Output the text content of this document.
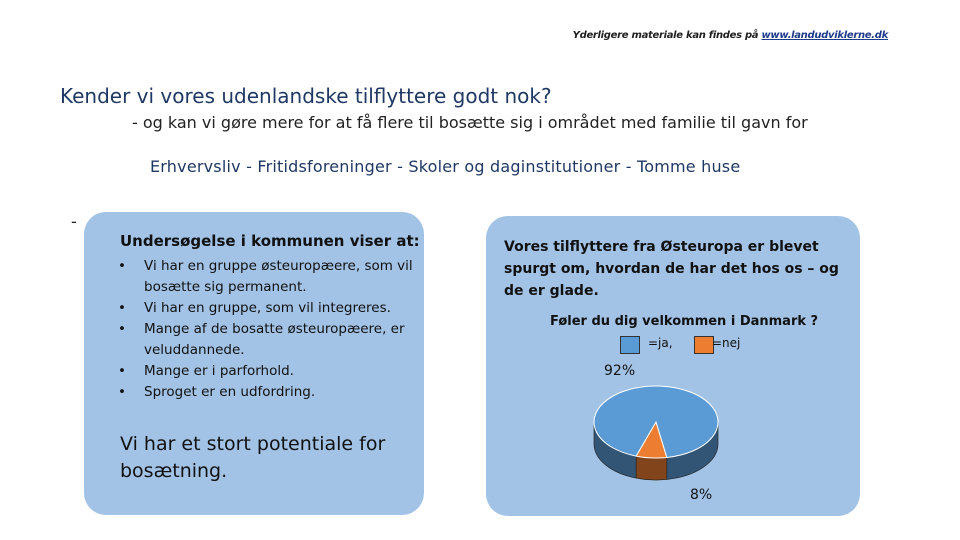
Yderligere materiale kan findes på www.landudviklerne.dk
Kender vi vores udenlandske tilflyttere godt nok?
- og kan vi gøre mere for at få flere til bosætte sig i området med familie til gavn for
Erhvervsliv - Fritidsforeninger - Skoler og daginstitutioner - Tomme huse
-
Undersøgelse i kommunen viser at:
• Vi har en gruppe østeuropæere, som vil bosætte sig permanent.
• Vi har en gruppe, som vil integreres.
• Mange af de bosatte østeuropæere, er veluddannede.
• Mange er i parforhold.
• Sproget er en udfordring.
Vi har et stort potentiale for bosætning.
Vores tilflyttere fra Østeuropa er blevet spurgt om, hvordan de har det hos os – og de er glade.
Føler du dig velkommen i Danmark ?
=ja,	=nej
92%
8%
